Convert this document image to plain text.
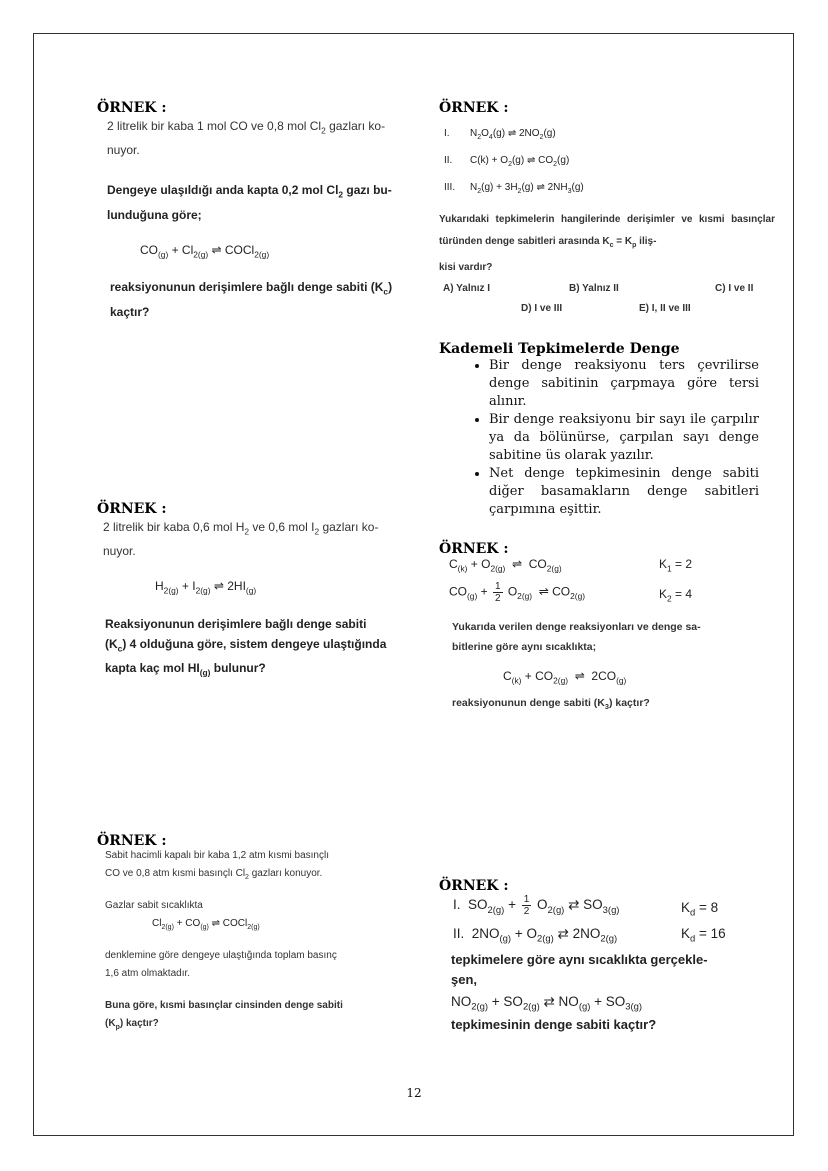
ÖRNEK :
2 litrelik bir kaba 1 mol CO ve 0,8 mol $Cl_2$ gazları ko-
nuyor.
Dengeye ulaşıldığı anda kapta 0,2 mol $Cl_2$ gazı bu-
lunduğuna göre;
$CO_{(g)} + Cl_{2(g)}$ ⇌ COCl$_{2(g)}$
reaksiyonunun derişimlere bağlı denge sabiti $(K_c)$
kaçtır?
ÖRNEK :
I. $N_2O_4(g)$ ⇌ $2NO_2(g)$
II. $C(k) + O_2(g)$ ⇌ $CO_2(g)$
III. $N_2(g) + 3H_2(g)$ ⇌ $2NH_3(g)$
Yukarıdaki tepkimelerin hangilerinde derişimler ve kısmi basınçlar türünden denge sabitleri arasında $K_c = K_p$ iliş-
kisi vardır?
A) Yalnız I	B) Yalnız II	C) I ve II
D) I ve III	E) I, II ve III
Kademeli Tepkimelerde Denge
• Bir denge reaksiyonu ters çevrilirse denge sabitinin çarpmaya göre tersi alınır.
• Bir denge reaksiyonu bir sayı ile çarpılır ya da bölünürse, çarpılan sayı denge sabitine üs olarak yazılır.
• Net denge tepkimesinin denge sabiti diğer basamakların denge sabitleri çarpımına eşittir.
ÖRNEK :
2 litrelik bir kaba 0,6 mol $H_2$ ve 0,6 mol $I_2$ gazları ko-
nuyor.
$H_{2(g)} + I_{2(g)}$ ⇌ $2HI_{(g)}$
Reaksiyonunun derişimlere bağlı denge sabiti
$(K_c)$ 4 olduğuna göre, sistem dengeye ulaştığında
kapta kaç mol $HI_{(g)}$ bulunur?
ÖRNEK :
$C_{(k)} + O_{2(g)}$  ⇌  $CO_{2(g)}$	$K_1 = 2$
$CO_{(g)} + \frac{1}{2} O_{2(g)}$  ⇌ $CO_{2(g)}$	$K_2 = 4$
Yukarıda verilen denge reaksiyonları ve denge sa-
bitlerine göre aynı sıcaklıkta;
$C_{(k)} + CO_{2(g)}$  ⇌  $2CO_{(g)}$
reaksiyonunun denge sabiti $(K_3)$ kaçtır?
ÖRNEK :
Sabit hacimli kapalı bir kaba 1,2 atm kısmi basınçlı
CO ve 0,8 atm kısmi basınçlı $Cl_2$ gazları konuyor.
Gazlar sabit sıcaklıkta
$Cl_{2(g)} + CO_{(g)}$ ⇌ COCl$_{2(g)}$
denklemine göre dengeye ulaştığında toplam basınç
1,6 atm olmaktadır.
Buna göre, kısmi basınçlar cinsinden denge sabiti
$(K_p)$ kaçtır?
ÖRNEK :
I.  $SO_{2(g)} + \frac{1}{2} O_{2(g)}$ ⇄ $SO_{3(g)}$	$K_d = 8$
II.  $2NO_{(g)} + O_{2(g)}$ ⇄ $2NO_{2(g)}$	$K_d = 16$
tepkimelere göre aynı sıcaklıkta gerçekle-
şen,
$NO_{2(g)} + SO_{2(g)}$ ⇄ $NO_{(g)} + SO_{3(g)}$
tepkimesinin denge sabiti kaçtır?
12
